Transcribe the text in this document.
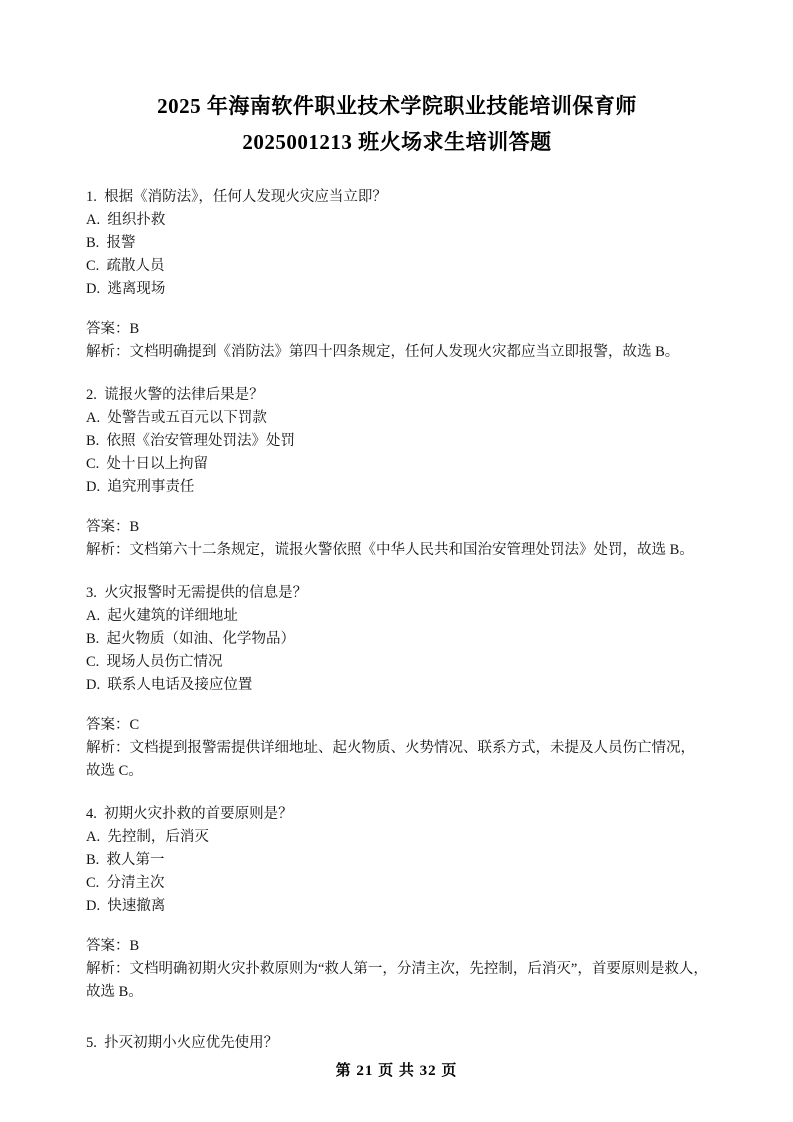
2025 年海南软件职业技术学院职业技能培训保育师
2025001213 班火场求生培训答题
1.  根据《消防法》，任何人发现火灾应当立即？
A.  组织扑救
B.  报警
C.  疏散人员
D.  逃离现场
答案：B
解析：文档明确提到《消防法》第四十四条规定，任何人发现火灾都应当立即报警，故选 B。
2.  谎报火警的法律后果是？
A.  处警告或五百元以下罚款
B.  依照《治安管理处罚法》处罚
C.  处十日以上拘留
D.  追究刑事责任
答案：B
解析：文档第六十二条规定，谎报火警依照《中华人民共和国治安管理处罚法》处罚，故选 B。
3.  火灾报警时无需提供的信息是？
A.  起火建筑的详细地址
B.  起火物质（如油、化学物品）
C.  现场人员伤亡情况
D.  联系人电话及接应位置
答案：C
解析：文档提到报警需提供详细地址、起火物质、火势情况、联系方式，未提及人员伤亡情况，故选 C。
4.  初期火灾扑救的首要原则是？
A.  先控制，后消灭
B.  救人第一
C.  分清主次
D.  快速撤离
答案：B
解析：文档明确初期火灾扑救原则为“救人第一，分清主次，先控制，后消灭”，首要原则是救人，故选 B。
5.  扑灭初期小火应优先使用？
第 21 页 共 32 页
